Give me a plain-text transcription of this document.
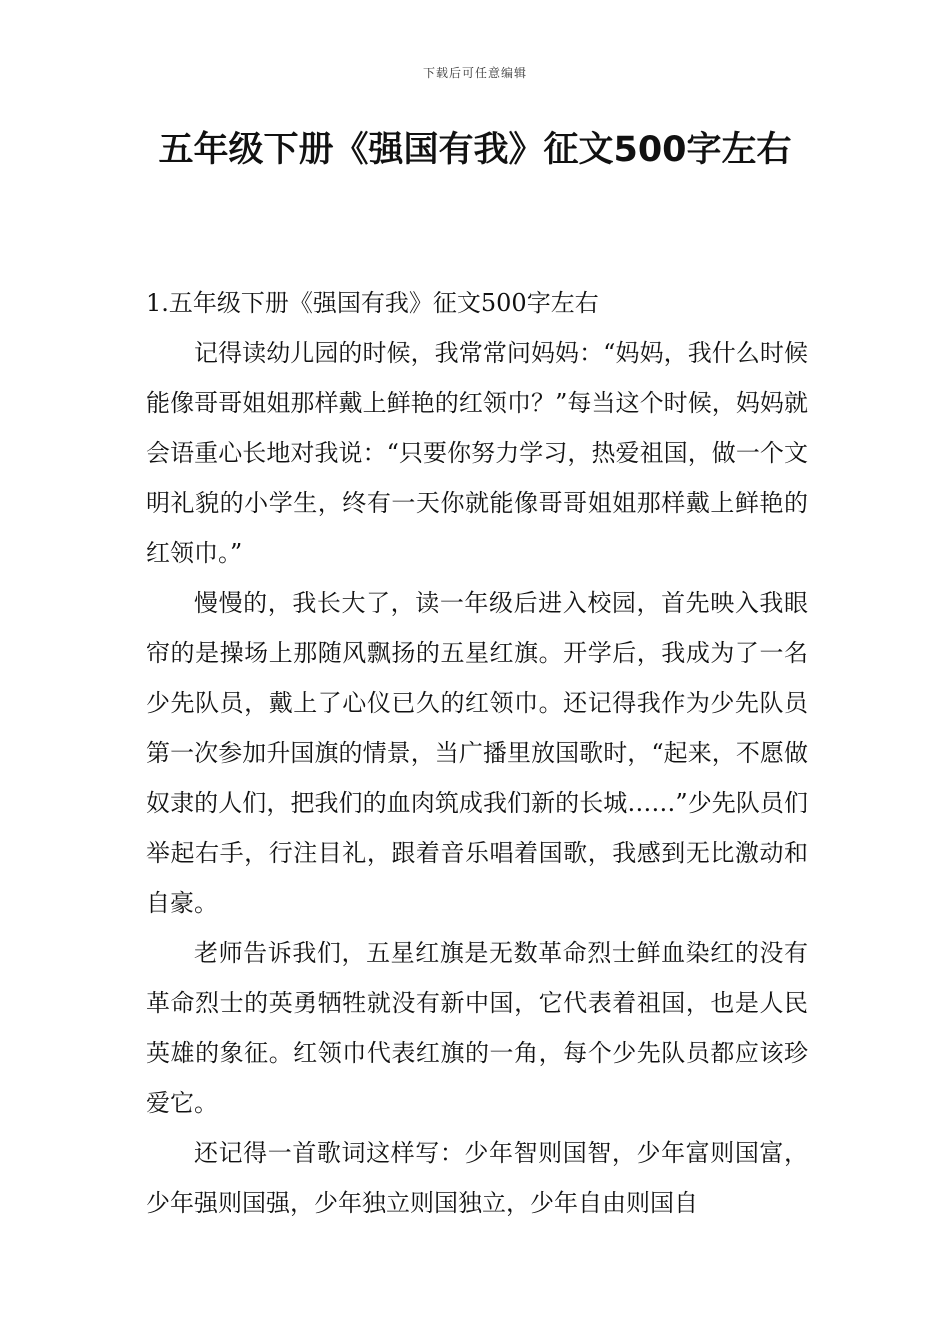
下载后可任意编辑
五年级下册《强国有我》征文500字左右

1.五年级下册《强国有我》征文500字左右

记得读幼儿园的时候，我常常问妈妈：“妈妈，我什么时候能像哥哥姐姐那样戴上鲜艳的红领巾？”每当这个时候，妈妈就会语重心长地对我说：“只要你努力学习，热爱祖国，做一个文明礼貌的小学生，终有一天你就能像哥哥姐姐那样戴上鲜艳的红领巾。”

慢慢的，我长大了，读一年级后进入校园，首先映入我眼帘的是操场上那随风飘扬的五星红旗。开学后，我成为了一名少先队员，戴上了心仪已久的红领巾。还记得我作为少先队员第一次参加升国旗的情景，当广播里放国歌时，“起来，不愿做奴隶的人们，把我们的血肉筑成我们新的长城……”少先队员们举起右手，行注目礼，跟着音乐唱着国歌，我感到无比激动和自豪。

老师告诉我们，五星红旗是无数革命烈士鲜血染红的没有革命烈士的英勇牺牲就没有新中国，它代表着祖国，也是人民英雄的象征。红领巾代表红旗的一角，每个少先队员都应该珍爱它。

还记得一首歌词这样写：少年智则国智，少年富则国富，少年强则国强，少年独立则国独立，少年自由则国自
